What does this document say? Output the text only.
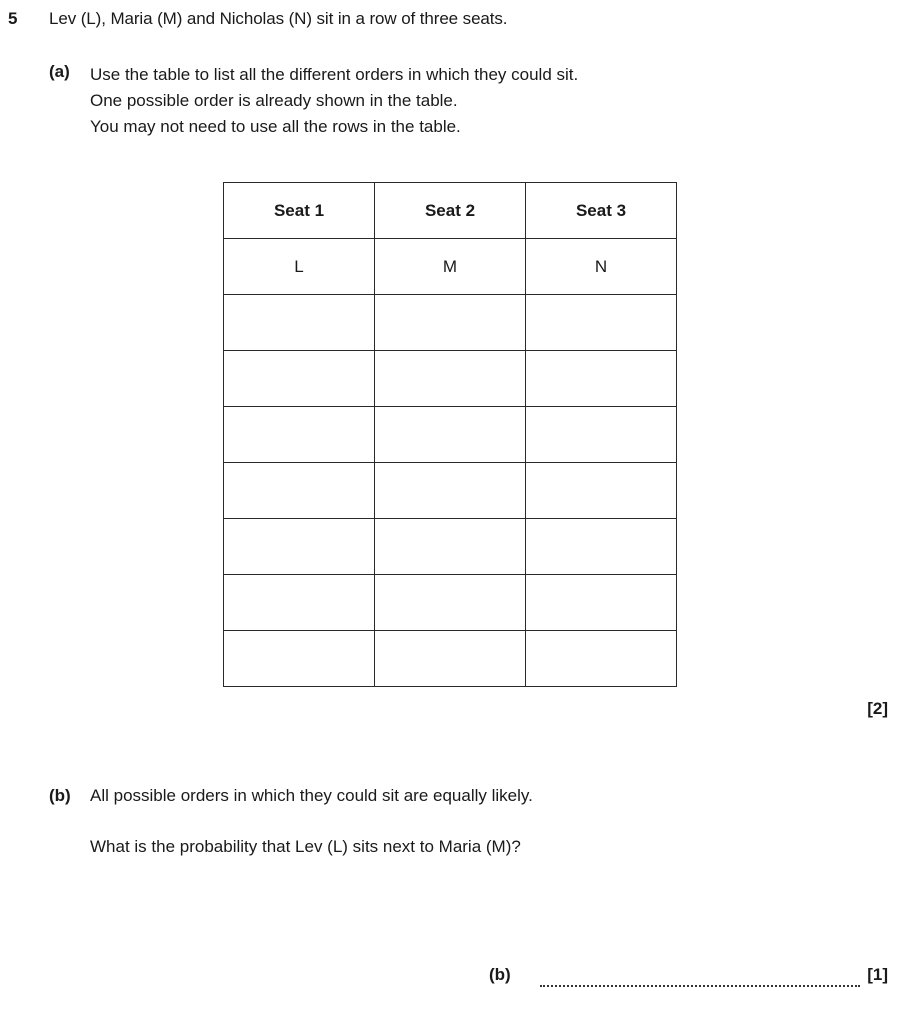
5 Lev (L), Maria (M) and Nicholas (N) sit in a row of three seats.
(a) Use the table to list all the different orders in which they could sit.
One possible order is already shown in the table.
You may not need to use all the rows in the table.
Seat 1	Seat 2	Seat 3
L	M	N

[2]
(b) All possible orders in which they could sit are equally likely.
What is the probability that Lev (L) sits next to Maria (M)?
(b)	[1]
